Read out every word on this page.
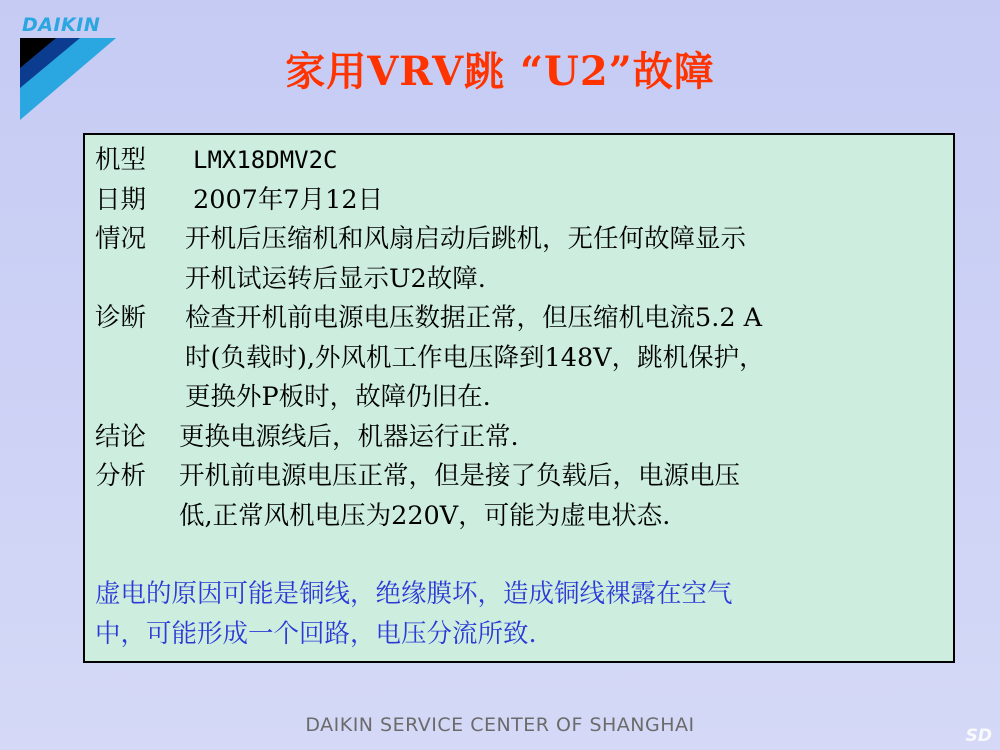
DAIKIN
家用VRV跳 “U2”故障
机型	LMX18DMV2C
日期	2007年7月12日
情况	开机后压缩机和风扇启动后跳机，无任何故障显示
开机试运转后显示U2故障.
诊断	检查开机前电源电压数据正常，但压缩机电流5.2 A
时(负载时),外风机工作电压降到148V，跳机保护，
更换外P板时，故障仍旧在.
结论	更换电源线后，机器运行正常.
分析	开机前电源电压正常，但是接了负载后，电源电压
低,正常风机电压为220V，可能为虚电状态.
虚电的原因可能是铜线，绝缘膜坏，造成铜线裸露在空气
中，可能形成一个回路，电压分流所致.
DAIKIN SERVICE CENTER OF SHANGHAI	SD
